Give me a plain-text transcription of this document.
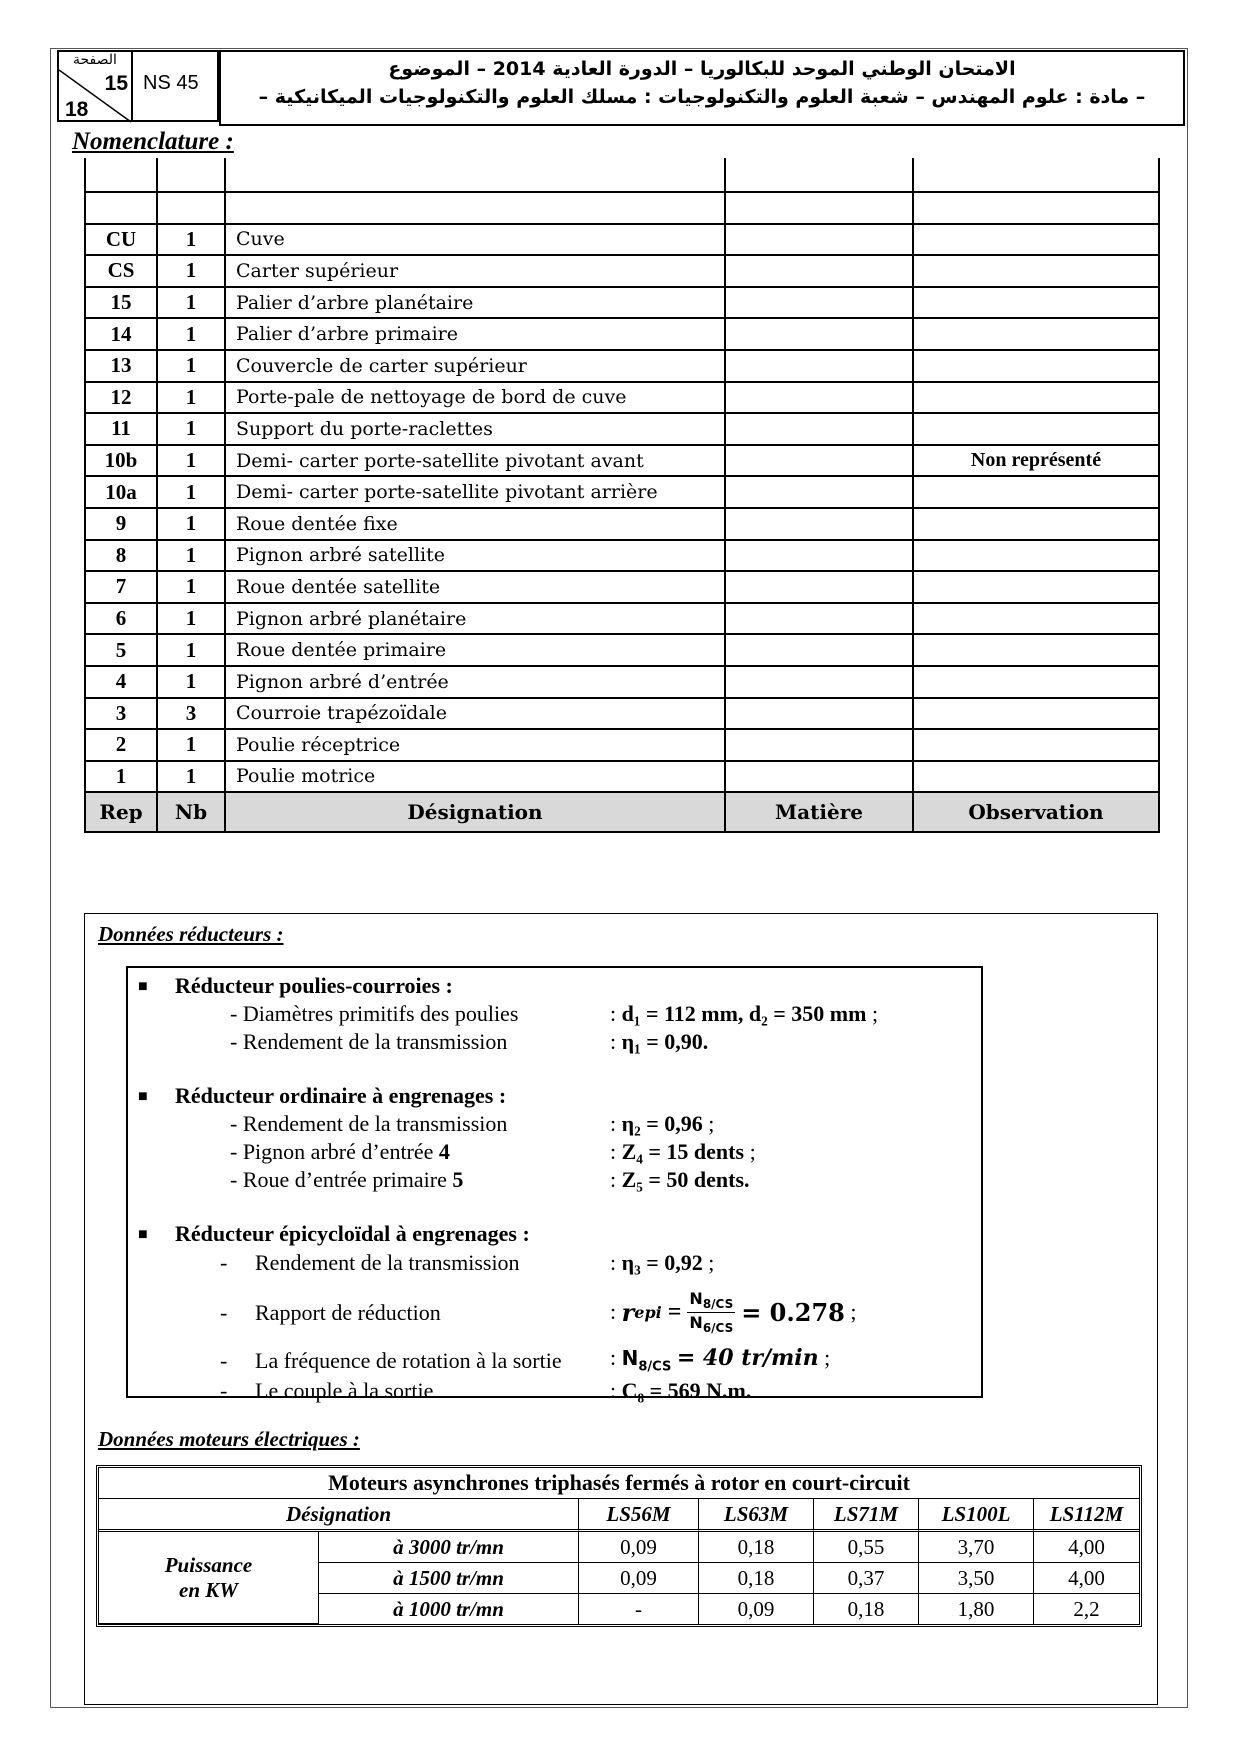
الصفحة
15
18
NS 45
الامتحان الوطني الموحد للبكالوريا – الدورة العادية 2014 – الموضوع
– مادة : علوم المهندس – شعبة العلوم والتكنولوجيات : مسلك العلوم والتكنولوجيات الميكانيكية –
Nomenclature :

CU	1	Cuve		
CS	1	Carter supérieur		
15	1	Palier d’arbre planétaire		
14	1	Palier d’arbre primaire		
13	1	Couvercle de carter supérieur		
12	1	Porte-pale de nettoyage de bord de cuve		
11	1	Support du porte-raclettes		
10b	1	Demi- carter porte-satellite pivotant avant		Non représenté
10a	1	Demi- carter porte-satellite pivotant arrière		
9	1	Roue dentée fixe		
8	1	Pignon arbré satellite		
7	1	Roue dentée satellite		
6	1	Pignon arbré planétaire		
5	1	Roue dentée primaire		
4	1	Pignon arbré d’entrée		
3	3	Courroie trapézoïdale		
2	1	Poulie réceptrice		
1	1	Poulie motrice		
Rep	Nb	Désignation	Matière	Observation
Données réducteurs :
■ Réducteur poulies-courroies :
- Diamètres primitifs des poulies	: d₁ = 112 mm, d₂ = 350 mm ;
- Rendement de la transmission	: η₁ = 0,90.
■ Réducteur ordinaire à engrenages :
- Rendement de la transmission	: η₂ = 0,96 ;
- Pignon arbré d’entrée 4	: Z₄ = 15 dents ;
- Roue d’entrée primaire 5	: Z₅ = 50 dents.
■ Réducteur épicycloïdal à engrenages :
- Rendement de la transmission	: η₃ = 0,92 ;
- Rapport de réduction	: r epi = $\frac{N_{8/CS}}{N_{6/CS}} = 0.278$ ;
- La fréquence de rotation à la sortie : $N_{8/CS} = 40$ tr/min ;
- Le couple à la sortie	: C₈ = 569 N.m.
Données moteurs électriques :
Moteurs asynchrones triphasés fermés à rotor en court-circuit						
Désignation		LS56M	LS63M	LS71M	LS100L	LS112M

Puissance
en KW	à 3000 tr/mn	0,09	0,18	0,55	3,70	4,00
	à 1500 tr/mn	0,09	0,18	0,37	3,50	4,00
	à 1000 tr/mn	-	0,09	0,18	1,80	2,2
